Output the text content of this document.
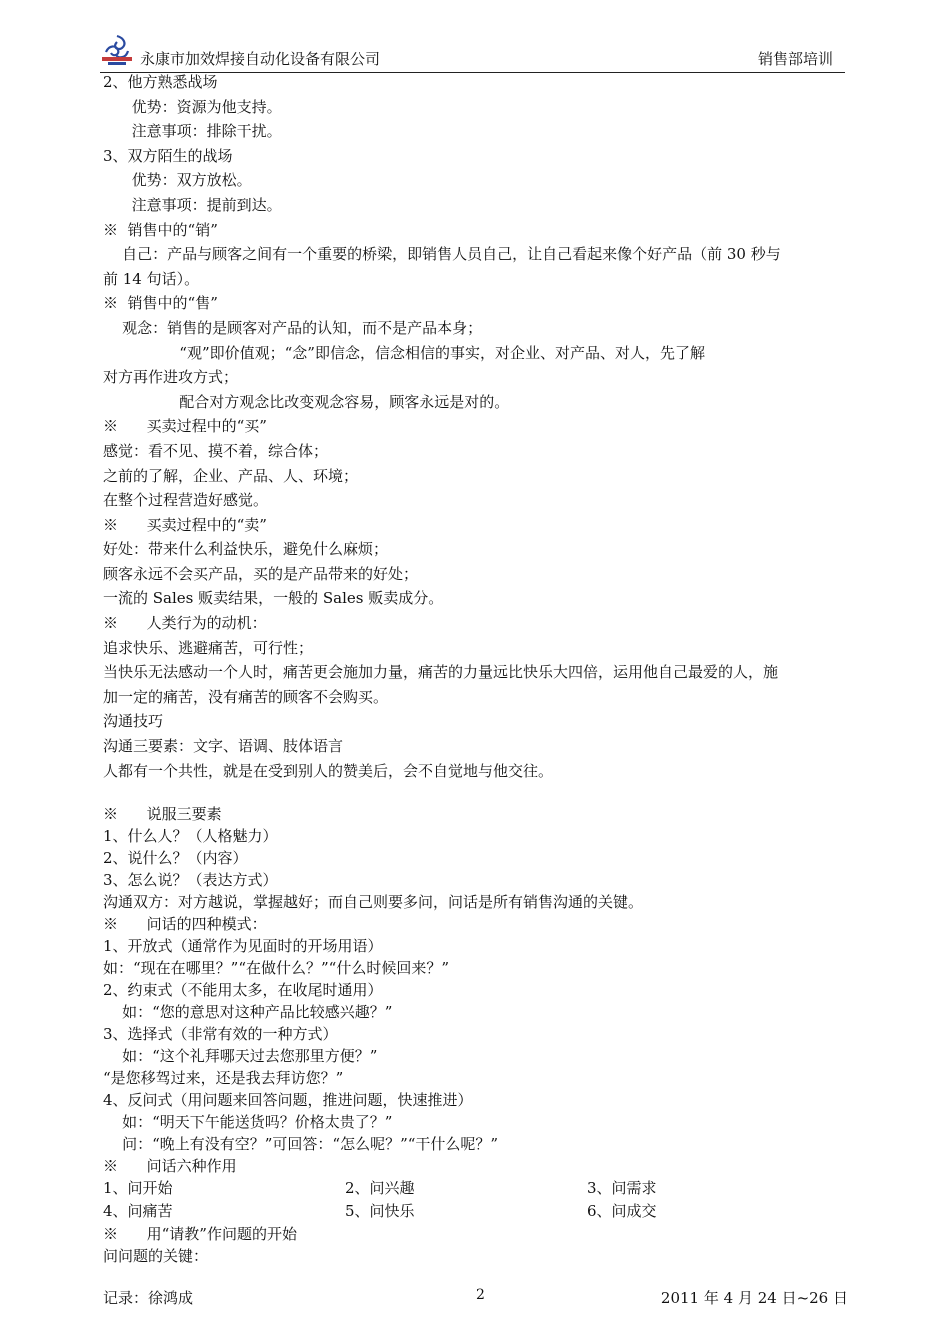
永康市加效焊接自动化设备有限公司	销售部培训

2、他方熟悉战场

优势：资源为他支持。

注意事项：排除干扰。

3、双方陌生的战场

优势：双方放松。

注意事项：提前到达。

※  销售中的“销”

自己：产品与顾客之间有一个重要的桥梁，即销售人员自己，让自己看起来像个好产品（前 30 秒与

前 14 句话）。

※  销售中的“售”

观念：销售的是顾客对产品的认知，而不是产品本身；

“观”即价值观；“念”即信念，信念相信的事实，对企业、对产品、对人，先了解

对方再作进攻方式；

配合对方观念比改变观念容易，顾客永远是对的。

※      买卖过程中的“买”

感觉：看不见、摸不着，综合体；

之前的了解，企业、产品、人、环境；

在整个过程营造好感觉。

※      买卖过程中的“卖”

好处：带来什么利益快乐，避免什么麻烦；

顾客永远不会买产品，买的是产品带来的好处；

一流的 Sales 贩卖结果，一般的 Sales 贩卖成分。

※      人类行为的动机：

追求快乐、逃避痛苦，可行性；

当快乐无法感动一个人时，痛苦更会施加力量，痛苦的力量远比快乐大四倍，运用他自己最爱的人，施

加一定的痛苦，没有痛苦的顾客不会购买。

沟通技巧

沟通三要素：文字、语调、肢体语言

人都有一个共性，就是在受到别人的赞美后，会不自觉地与他交往。

※      说服三要素

1、什么人？（人格魅力）

2、说什么？（内容）

3、怎么说？（表达方式）

沟通双方：对方越说，掌握越好；而自己则要多问，问话是所有销售沟通的关键。

※      问话的四种模式：

1、开放式（通常作为见面时的开场用语）

如：“现在在哪里？”“在做什么？”“什么时候回来？”

2、约束式（不能用太多，在收尾时通用）

如：“您的意思对这种产品比较感兴趣？”

3、选择式（非常有效的一种方式）

如：“这个礼拜哪天过去您那里方便？”

“是您移驾过来，还是我去拜访您？”

4、反问式（用问题来回答问题，推进问题，快速推进）

如：“明天下午能送货吗？价格太贵了？”

问：“晚上有没有空？”可回答：“怎么呢？”“干什么呢？”

※      问话六种作用

1、问开始	2、问兴趣	3、问需求
4、问痛苦	5、问快乐	6、问成交

※      用“请教”作问题的开始

问问题的关键：

记录：徐鸿成	2	2011 年 4 月 24 日~26 日
